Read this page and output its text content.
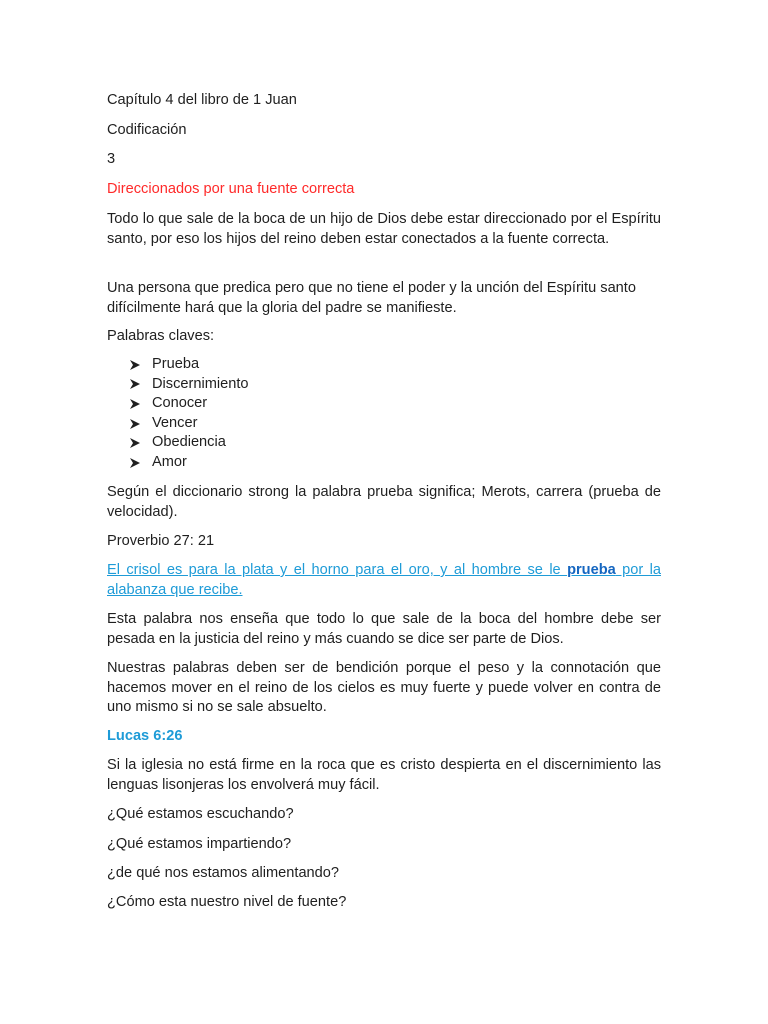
Capítulo 4 del libro de 1 Juan

Codificación

3

Direccionados por una fuente correcta

Todo lo que sale de la boca de un hijo de Dios debe estar direccionado por el Espíritu santo, por eso los hijos del reino deben estar conectados a la fuente correcta.

Una persona que predica pero que no tiene el poder y la unción del Espíritu santo difícilmente hará que la gloria del padre se manifieste.

Palabras claves:

Prueba
Discernimiento
Conocer
Vencer
Obediencia
Amor

Según el diccionario strong la palabra prueba significa; Merots, carrera (prueba de velocidad).

Proverbio 27: 21

El crisol es para la plata y el horno para el oro, y al hombre se le prueba por la alabanza que recibe.

Esta palabra nos enseña que todo lo que sale de la boca del hombre debe ser pesada en la justicia del reino y más cuando se dice ser parte de Dios.

Nuestras palabras deben ser de bendición porque el peso y la connotación que hacemos mover en el reino de los cielos es muy fuerte y puede volver en contra de uno mismo si no se sale absuelto.

Lucas 6:26

Si la iglesia no está firme en la roca que es cristo despierta en el discernimiento las lenguas lisonjeras los envolverá muy fácil.

¿Qué estamos escuchando?

¿Qué estamos impartiendo?

¿de qué nos estamos alimentando?

¿Cómo esta nuestro nivel de fuente?
